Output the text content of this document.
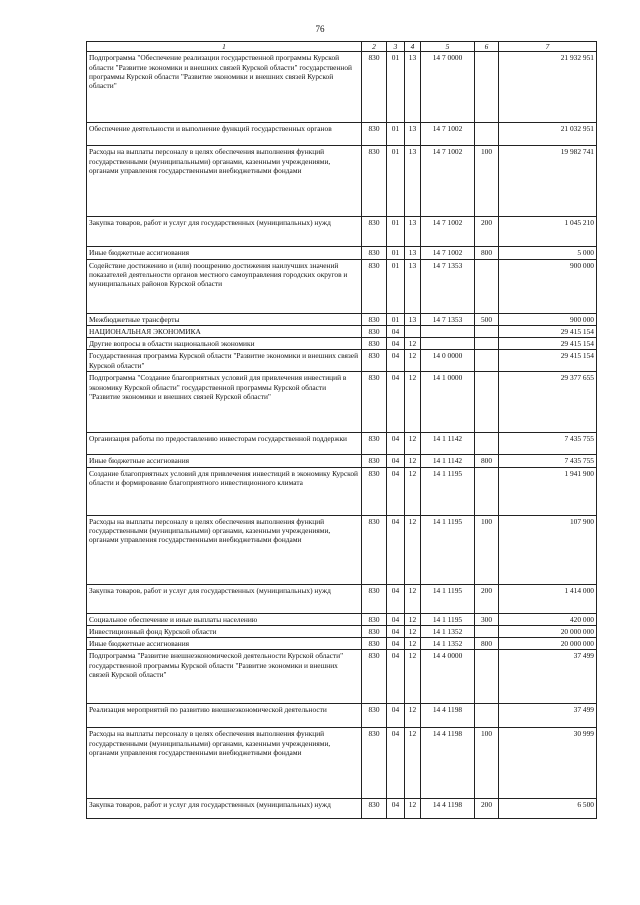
76
1	2	3	4	5	6	7
Подпрограмма "Обеспечение реализации государственной программы Курской области "Развитие экономики и внешних связей Курской области" государственной программы Курской области "Развитие экономики и внешних связей Курской области"	830	01	13	14 7 0000		21 932 951
Обеспечение деятельности и выполнение функций государственных органов	830	01	13	14 7 1002		21 032 951
Расходы на выплаты персоналу в целях обеспечения выполнения функций государственными (муниципальными) органами, казенными учреждениями, органами управления государственными внебюджетными фондами	830	01	13	14 7 1002	100	19 982 741
Закупка товаров, работ и услуг для государственных (муниципальных) нужд	830	01	13	14 7 1002	200	1 045 210
Иные бюджетные ассигнования	830	01	13	14 7 1002	800	5 000
Содействие достижению и (или) поощрению достижения наилучших значений показателей деятельности органов местного самоуправления городских округов и муниципальных районов Курской области	830	01	13	14 7 1353		900 000
Межбюджетные трансферты	830	01	13	14 7 1353	500	900 000
НАЦИОНАЛЬНАЯ ЭКОНОМИКА	830	04				29 415 154
Другие вопросы в области национальной экономики	830	04	12			29 415 154
Государственная программа Курской области "Развитие экономики и внешних связей Курской области"	830	04	12	14 0 0000		29 415 154
Подпрограмма "Создание благоприятных условий для привлечения инвестиций в экономику Курской области" государственной программы Курской области "Развитие экономики и внешних связей Курской области"	830	04	12	14 1 0000		29 377 655
Организация работы по предоставлению инвесторам государственной поддержки	830	04	12	14 1 1142		7 435 755
Иные бюджетные ассигнования	830	04	12	14 1 1142	800	7 435 755
Создание благоприятных условий для привлечения инвестиций в экономику Курской области и формирование благоприятного инвестиционного климата	830	04	12	14 1 1195		1 941 900
Расходы на выплаты персоналу в целях обеспечения выполнения функций государственными (муниципальными) органами, казенными учреждениями, органами управления государственными внебюджетными фондами	830	04	12	14 1 1195	100	107 900
Закупка товаров, работ и услуг для государственных (муниципальных) нужд	830	04	12	14 1 1195	200	1 414 000
Социальное обеспечение и иные выплаты населению	830	04	12	14 1 1195	300	420 000
Инвестиционный фонд Курской области	830	04	12	14 1 1352		20 000 000
Иные бюджетные ассигнования	830	04	12	14 1 1352	800	20 000 000
Подпрограмма "Развитие внешнеэкономической деятельности Курской области" государственной программы Курской области "Развитие экономики и внешних связей Курской области"	830	04	12	14 4 0000		37 499
Реализация мероприятий по развитию внешнеэкономической деятельности	830	04	12	14 4 1198		37 499
Расходы на выплаты персоналу в целях обеспечения выполнения функций государственными (муниципальными) органами, казенными учреждениями, органами управления государственными внебюджетными фондами	830	04	12	14 4 1198	100	30 999
Закупка товаров, работ и услуг для государственных (муниципальных) нужд	830	04	12	14 4 1198	200	6 500
